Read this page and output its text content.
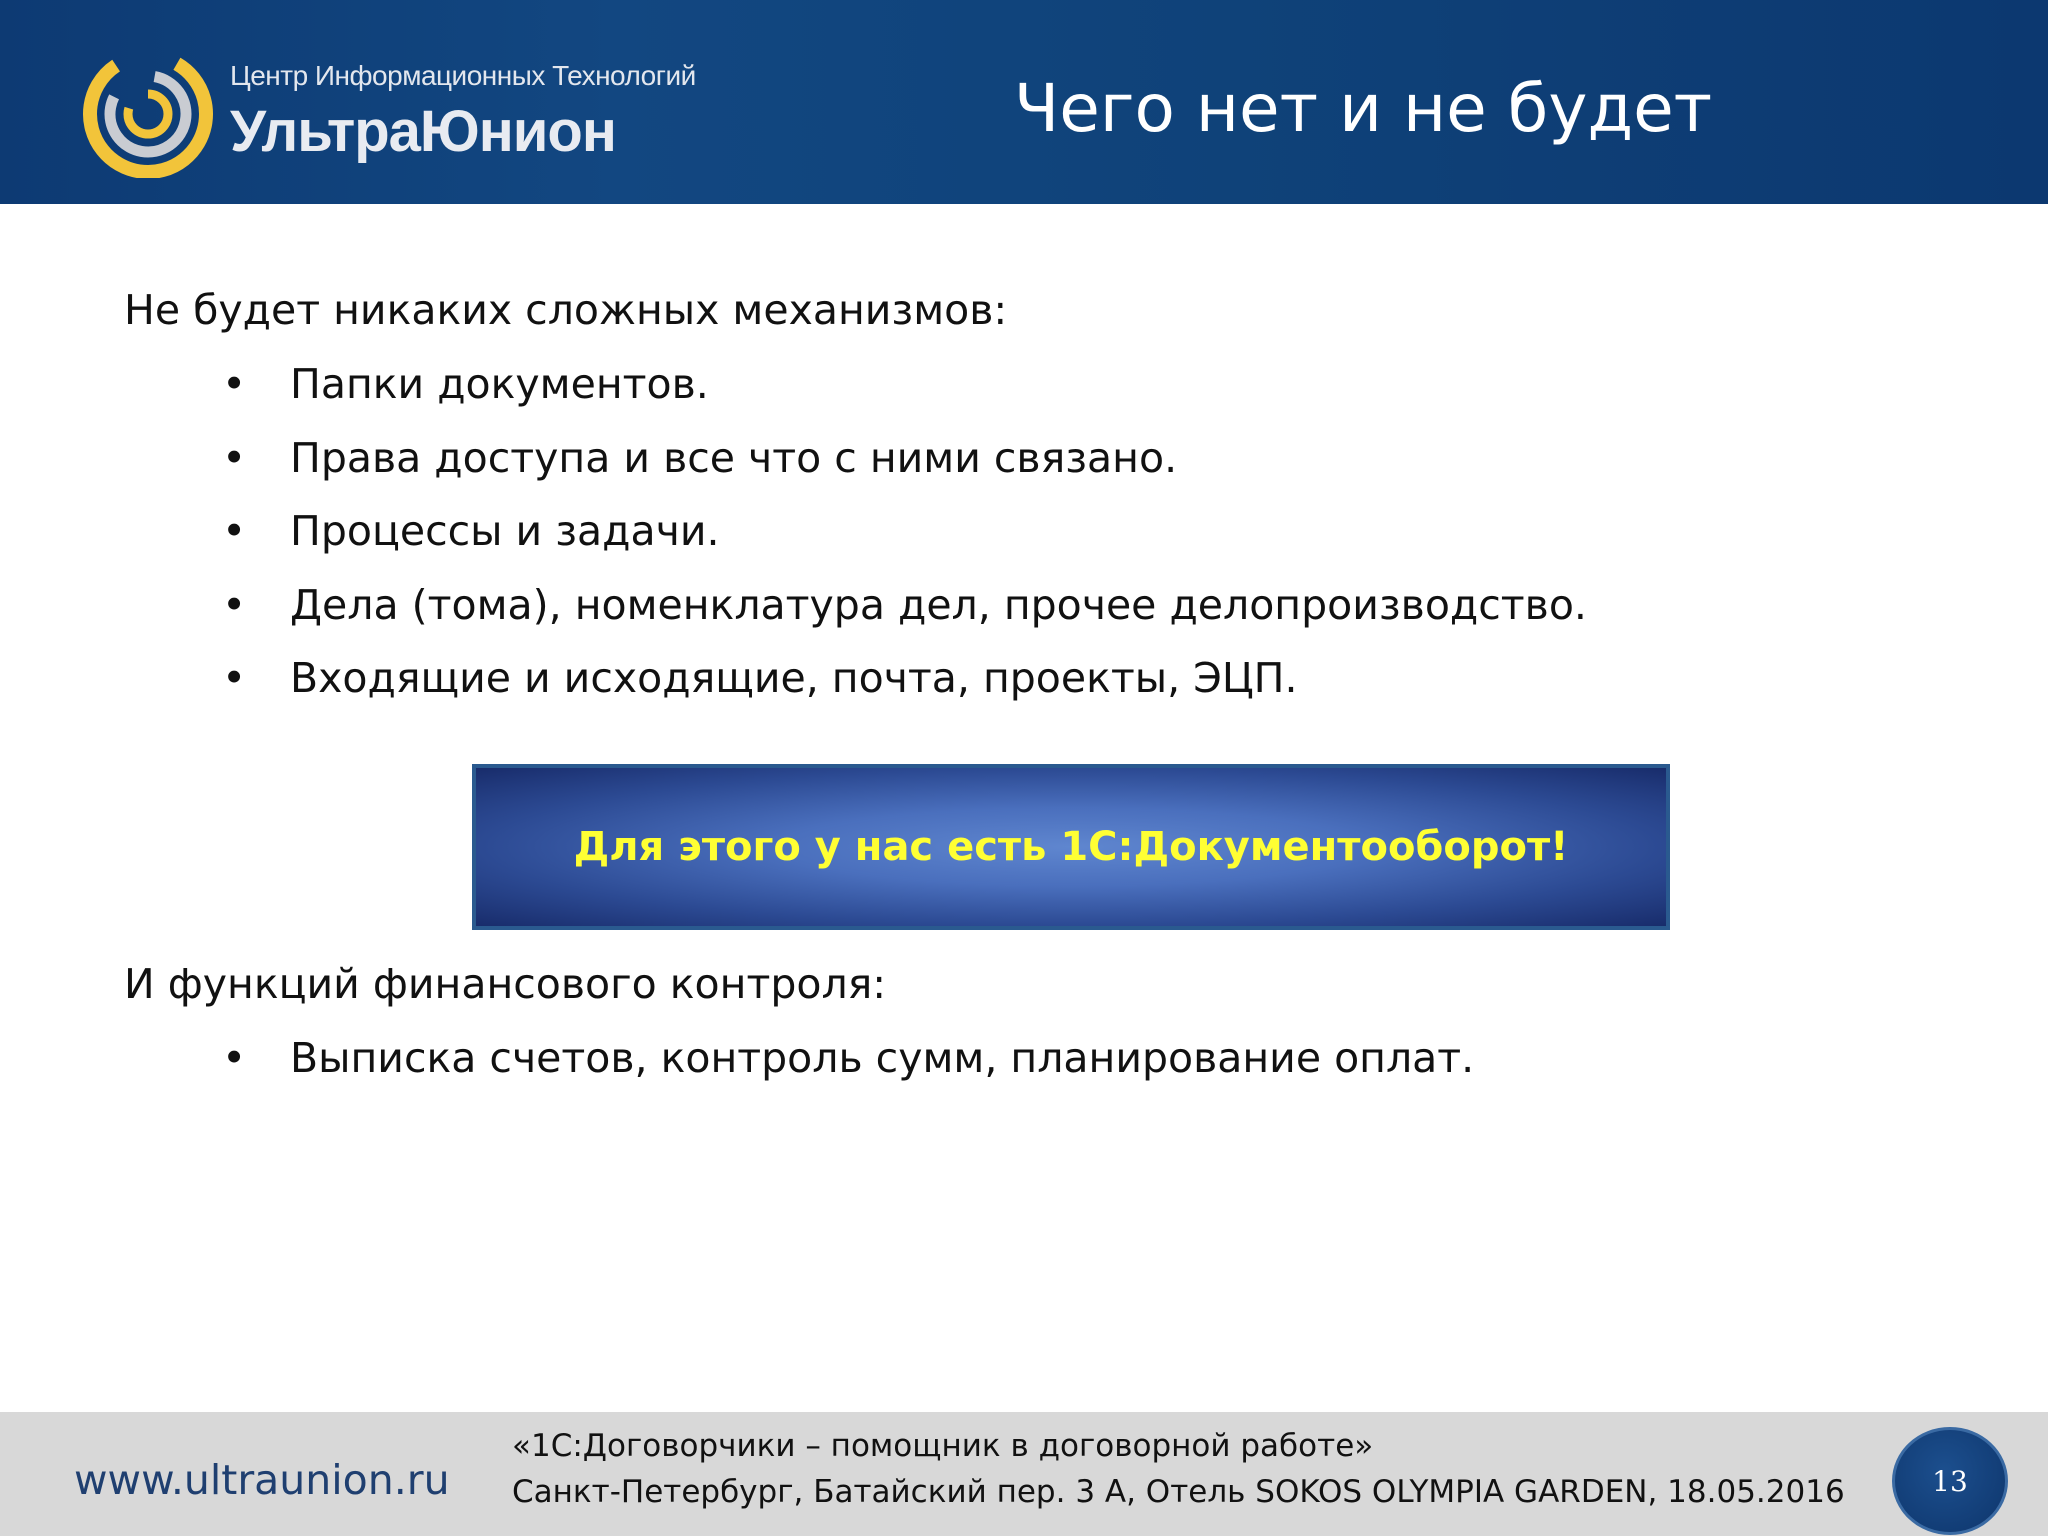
Центр Информационных Технологий
УльтраЮнион	Чего нет и не будет
Не будет никаких сложных механизмов:
•	Папки документов.
•	Права доступа и все что с ними связано.
•	Процессы и задачи.
•	Дела (тома), номенклатура дел, прочее делопроизводство.
•	Входящие и исходящие, почта, проекты, ЭЦП.
Для этого у нас есть 1С:Документооборот!
И функций финансового контроля:
•	Выписка счетов, контроль сумм, планирование оплат.
www.ultraunion.ru
«1С:Договорчики – помощник в договорной работе»
Санкт-Петербург, Батайский пер. 3 А, Отель SOKOS OLYMPIA GARDEN, 18.05.2016	13
